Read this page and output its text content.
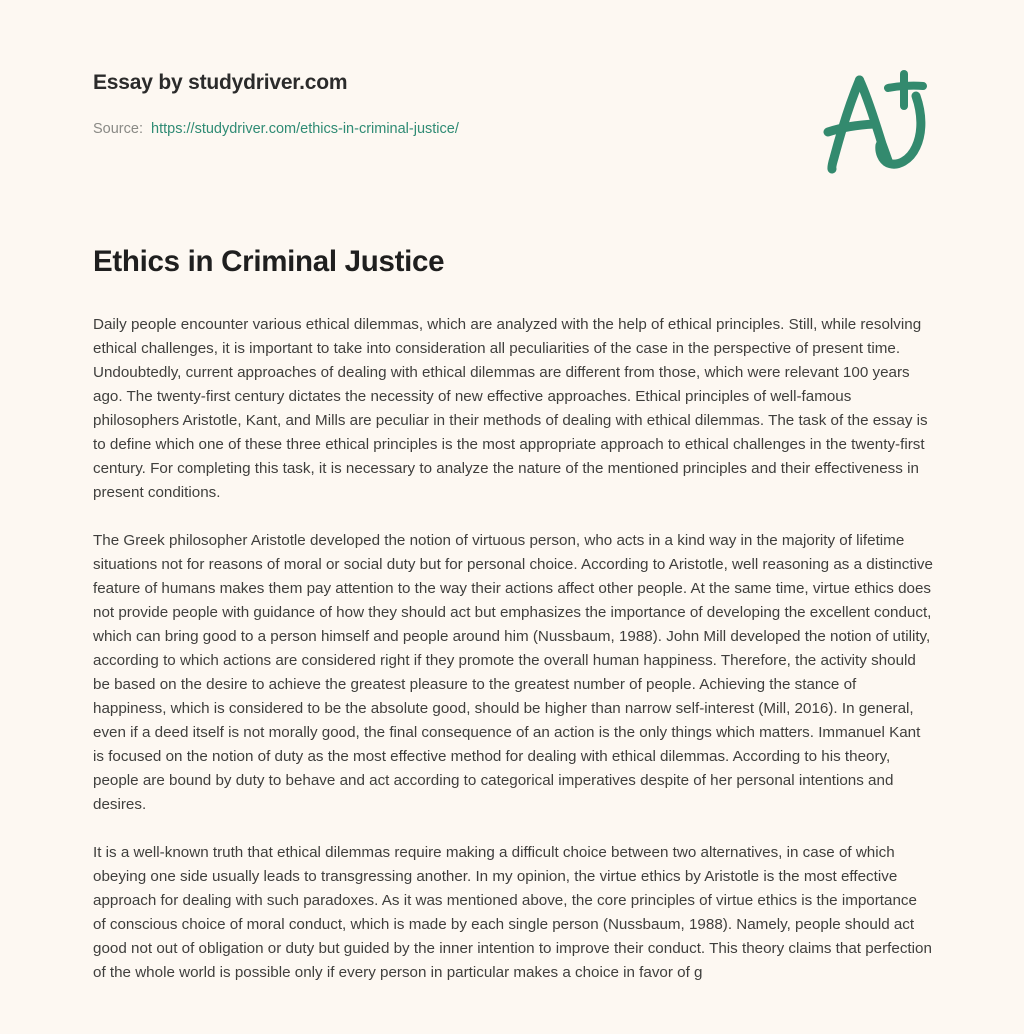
Essay by studydriver.com
Source: https://studydriver.com/ethics-in-criminal-justice/
Ethics in Criminal Justice

Daily people encounter various ethical dilemmas, which are analyzed with the help of ethical principles. Still, while resolving ethical challenges, it is important to take into consideration all peculiarities of the case in the perspective of present time. Undoubtedly, current approaches of dealing with ethical dilemmas are different from those, which were relevant 100 years ago. The twenty-first century dictates the necessity of new effective approaches. Ethical principles of well-famous philosophers Aristotle, Kant, and Mills are peculiar in their methods of dealing with ethical dilemmas. The task of the essay is to define which one of these three ethical principles is the most appropriate approach to ethical challenges in the twenty-first century. For completing this task, it is necessary to analyze the nature of the mentioned principles and their effectiveness in present conditions.

The Greek philosopher Aristotle developed the notion of virtuous person, who acts in a kind way in the majority of lifetime situations not for reasons of moral or social duty but for personal choice. According to Aristotle, well reasoning as a distinctive feature of humans makes them pay attention to the way their actions affect other people. At the same time, virtue ethics does not provide people with guidance of how they should act but emphasizes the importance of developing the excellent conduct, which can bring good to a person himself and people around him (Nussbaum, 1988). John Mill developed the notion of utility, according to which actions are considered right if they promote the overall human happiness. Therefore, the activity should be based on the desire to achieve the greatest pleasure to the greatest number of people. Achieving the stance of happiness, which is considered to be the absolute good, should be higher than narrow self-interest (Mill, 2016). In general, even if a deed itself is not morally good, the final consequence of an action is the only things which matters. Immanuel Kant is focused on the notion of duty as the most effective method for dealing with ethical dilemmas. According to his theory, people are bound by duty to behave and act according to categorical imperatives despite of her personal intentions and desires.

It is a well-known truth that ethical dilemmas require making a difficult choice between two alternatives, in case of which obeying one side usually leads to transgressing another. In my opinion, the virtue ethics by Aristotle is the most effective approach for dealing with such paradoxes. As it was mentioned above, the core principles of virtue ethics is the importance of conscious choice of moral conduct, which is made by each single person (Nussbaum, 1988). Namely, people should act good not out of obligation or duty but guided by the inner intention to improve their conduct. This theory claims that perfection of the whole world is possible only if every person in particular makes a choice in favor of g
